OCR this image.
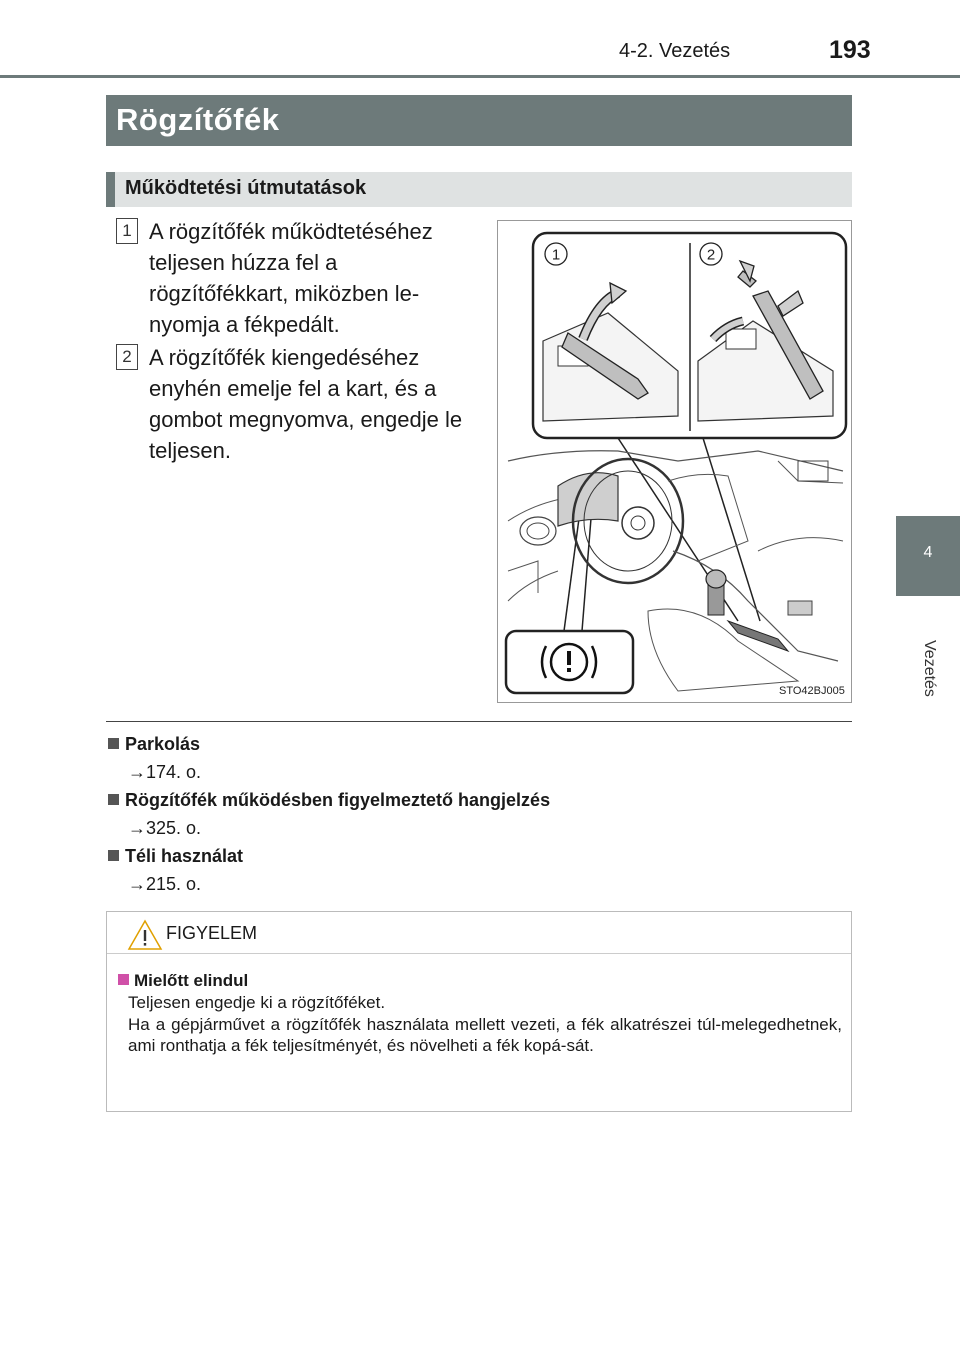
4-2. Vezetés	193
4
Vezetés
Rögzítőfék
Működtetési útmutatások
1 A rögzítőfék működtetéséhez teljesen húzza fel a rögzítőfékkart, miközben le-nyomja a fékpedált.
2 A rögzítőfék kiengedéséhez enyhén emelje fel a kart, és a gombot megnyomva, engedje le teljesen.
1	2
STO42BJ005
Parkolás
→174. o.
Rögzítőfék működésben figyelmeztető hangjelzés
→325. o.
Téli használat
→215. o.
FIGYELEM
Mielőtt elindul
Teljesen engedje ki a rögzítőféket.
Ha a gépjárművet a rögzítőfék használata mellett vezeti, a fék alkatrészei túl-melegedhetnek, ami ronthatja a fék teljesítményét, és növelheti a fék kopá-sát.
